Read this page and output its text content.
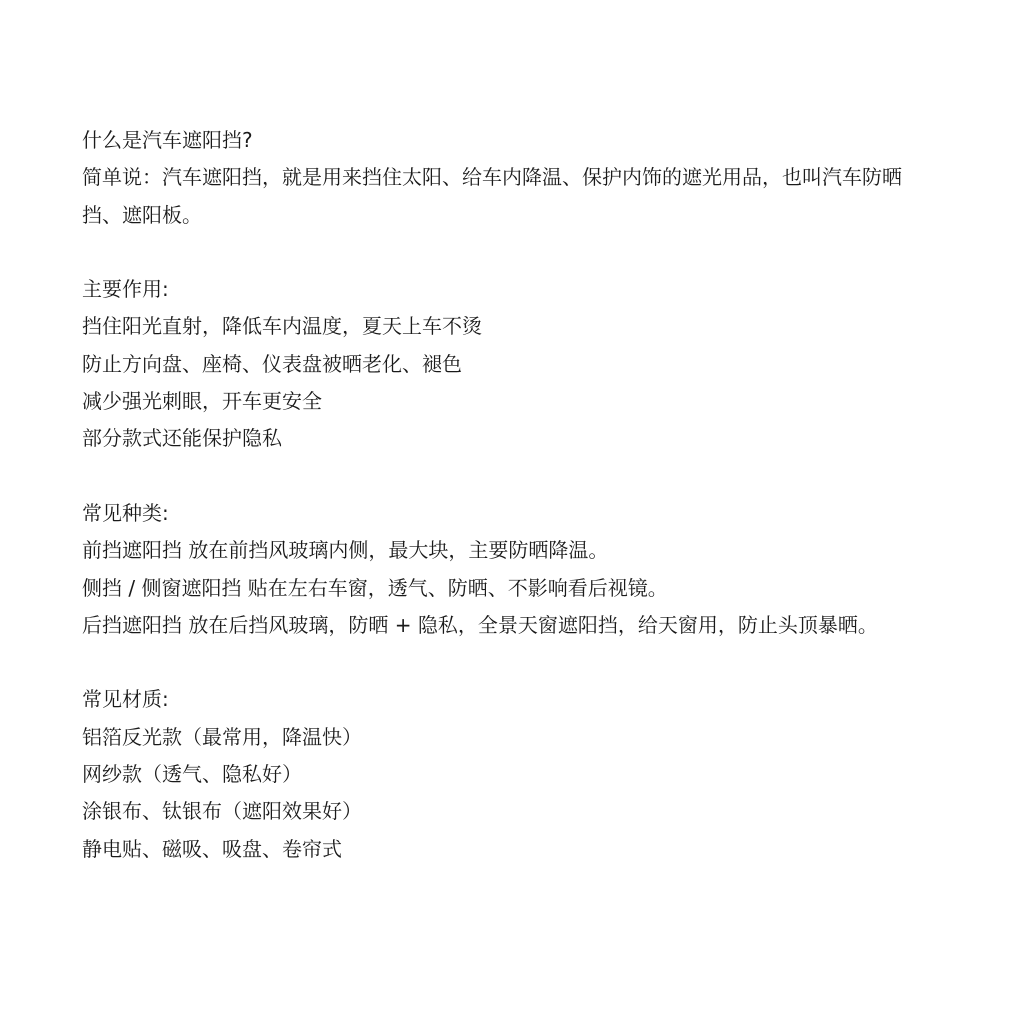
什么是汽车遮阳挡?
简单说：汽车遮阳挡，就是用来挡住太阳、给车内降温、保护内饰的遮光用品，也叫汽车防晒挡、遮阳板。
主要作用:
挡住阳光直射，降低车内温度，夏天上车不烫
防止方向盘、座椅、仪表盘被晒老化、褪色
减少强光刺眼，开车更安全
部分款式还能保护隐私
常见种类:
前挡遮阳挡 放在前挡风玻璃内侧，最大块，主要防晒降温。
侧挡 / 侧窗遮阳挡 贴在左右车窗，透气、防晒、不影响看后视镜。
后挡遮阳挡 放在后挡风玻璃，防晒 + 隐私，全景天窗遮阳挡，给天窗用，防止头顶暴晒。
常见材质:
铝箔反光款（最常用，降温快）
网纱款（透气、隐私好）
涂银布、钛银布（遮阳效果好）
静电贴、磁吸、吸盘、卷帘式
